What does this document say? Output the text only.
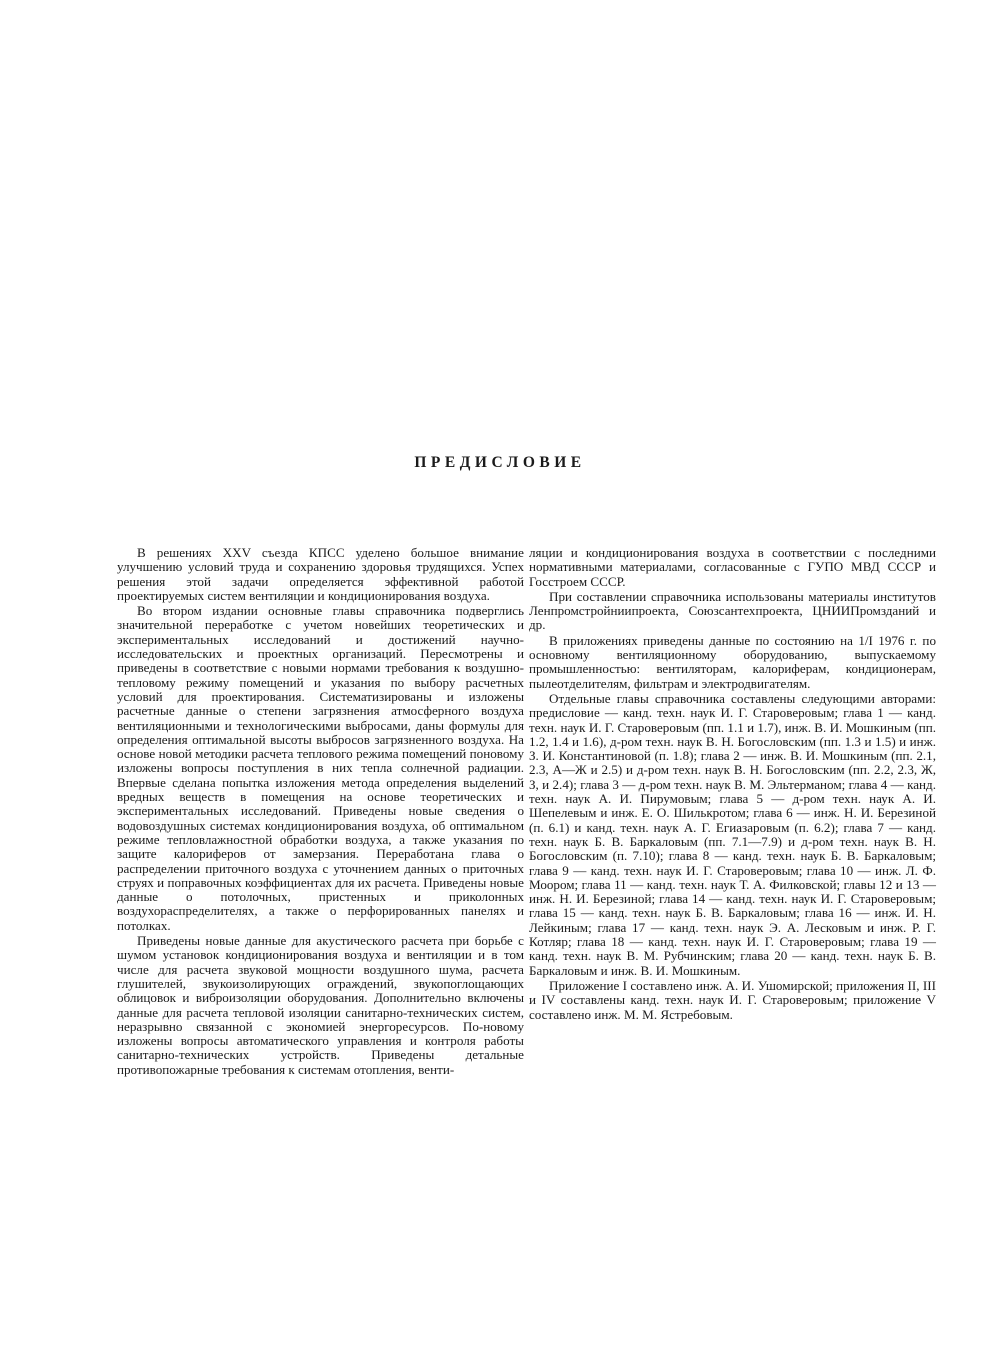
ПРЕДИСЛОВИЕ

В решениях XXV съезда КПСС уделено большое внимание улучшению условий труда и сохранению здоровья трудящихся. Успех решения этой задачи определяется эффективной работой проектируемых систем вентиляции и кондиционирования воздуха.

Во втором издании основные главы справочника подверглись значительной переработке с учетом новейших теоретических и экспериментальных исследований и достижений научно-исследовательских и проектных организаций. Пересмотрены и приведены в соответствие с новыми нормами требования к воздушно-тепловому режиму помещений и указания по выбору расчетных условий для проектирования. Систематизированы и изложены расчетные данные о степени загрязнения атмосферного воздуха вентиляционными и технологическими выбросами, даны формулы для определения оптимальной высоты выбросов загрязненного воздуха. На основе новой методики расчета теплового режима помещений поновому изложены вопросы поступления в них тепла солнечной радиации. Впервые сделана попытка изложения метода определения выделений вредных веществ в помещения на основе теоретических и экспериментальных исследований. Приведены новые сведения о водовоздушных системах кондиционирования воздуха, об оптимальном режиме тепловлажностной обработки воздуха, а также указания по защите калориферов от замерзания. Переработана глава о распределении приточного воздуха с уточнением данных о приточных струях и поправочных коэффициентах для их расчета. Приведены новые данные о потолочных, пристенных и приколонных воздухораспределителях, а также о перфорированных панелях и потолках.

Приведены новые данные для акустического расчета при борьбе с шумом установок кондиционирования воздуха и вентиляции и в том числе для расчета звуковой мощности воздушного шума, расчета глушителей, звукоизолирующих ограждений, звукопоглощающих облицовок и виброизоляции оборудования. Дополнительно включены данные для расчета тепловой изоляции санитарно-технических систем, неразрывно связанной с экономией энергоресурсов. По-новому изложены вопросы автоматического управления и контроля работы санитарно-технических устройств. Приведены детальные противопожарные требования к системам отопления, венти-

ляции и кондиционирования воздуха в соответствии с последними нормативными материалами, согласованные с ГУПО МВД СССР и Госстроем СССР.

При составлении справочника использованы материалы институтов Ленпромстройниипроекта, Союзсантехпроекта, ЦНИИПромзданий и др.

В приложениях приведены данные по состоянию на 1/I 1976 г. по основному вентиляционному оборудованию, выпускаемому промышленностью: вентиляторам, калориферам, кондиционерам, пылеотделителям, фильтрам и электродвигателям.

Отдельные главы справочника составлены следующими авторами: предисловие — канд. техн. наук И. Г. Староверовым; глава 1 — канд. техн. наук И. Г. Староверовым (пп. 1.1 и 1.7), инж. В. И. Мошкиным (пп. 1.2, 1.4 и 1.6), д-ром техн. наук В. Н. Богословским (пп. 1.3 и 1.5) и инж. З. И. Константиновой (п. 1.8); глава 2 — инж. В. И. Мошкиным (пп. 2.1, 2.3, А—Ж и 2.5) и д-ром техн. наук В. Н. Богословским (пп. 2.2, 2.3, Ж, З, и 2.4); глава 3 — д-ром техн. наук В. М. Эльтерманом; глава 4 — канд. техн. наук А. И. Пирумовым; глава 5 — д-ром техн. наук А. И. Шепелевым и инж. Е. О. Шилькротом; глава 6 — инж. Н. И. Березиной (п. 6.1) и канд. техн. наук А. Г. Егиазаровым (п. 6.2); глава 7 — канд. техн. наук Б. В. Баркаловым (пп. 7.1—7.9) и д-ром техн. наук В. Н. Богословским (п. 7.10); глава 8 — канд. техн. наук Б. В. Баркаловым; глава 9 — канд. техн. наук И. Г. Староверовым; глава 10 — инж. Л. Ф. Моором; глава 11 — канд. техн. наук Т. А. Филковской; главы 12 и 13 — инж. Н. И. Березиной; глава 14 — канд. техн. наук И. Г. Староверовым; глава 15 — канд. техн. наук Б. В. Баркаловым; глава 16 — инж. И. Н. Лейкиным; глава 17 — канд. техн. наук Э. А. Лесковым и инж. Р. Г. Котляр; глава 18 — канд. техн. наук И. Г. Староверовым; глава 19 — канд. техн. наук В. М. Рубчинским; глава 20 — канд. техн. наук Б. В. Баркаловым и инж. В. И. Мошкиным.

Приложение I составлено инж. А. И. Ушомирской; приложения II, III и IV составлены канд. техн. наук И. Г. Староверовым; приложение V составлено инж. М. М. Ястребовым.
